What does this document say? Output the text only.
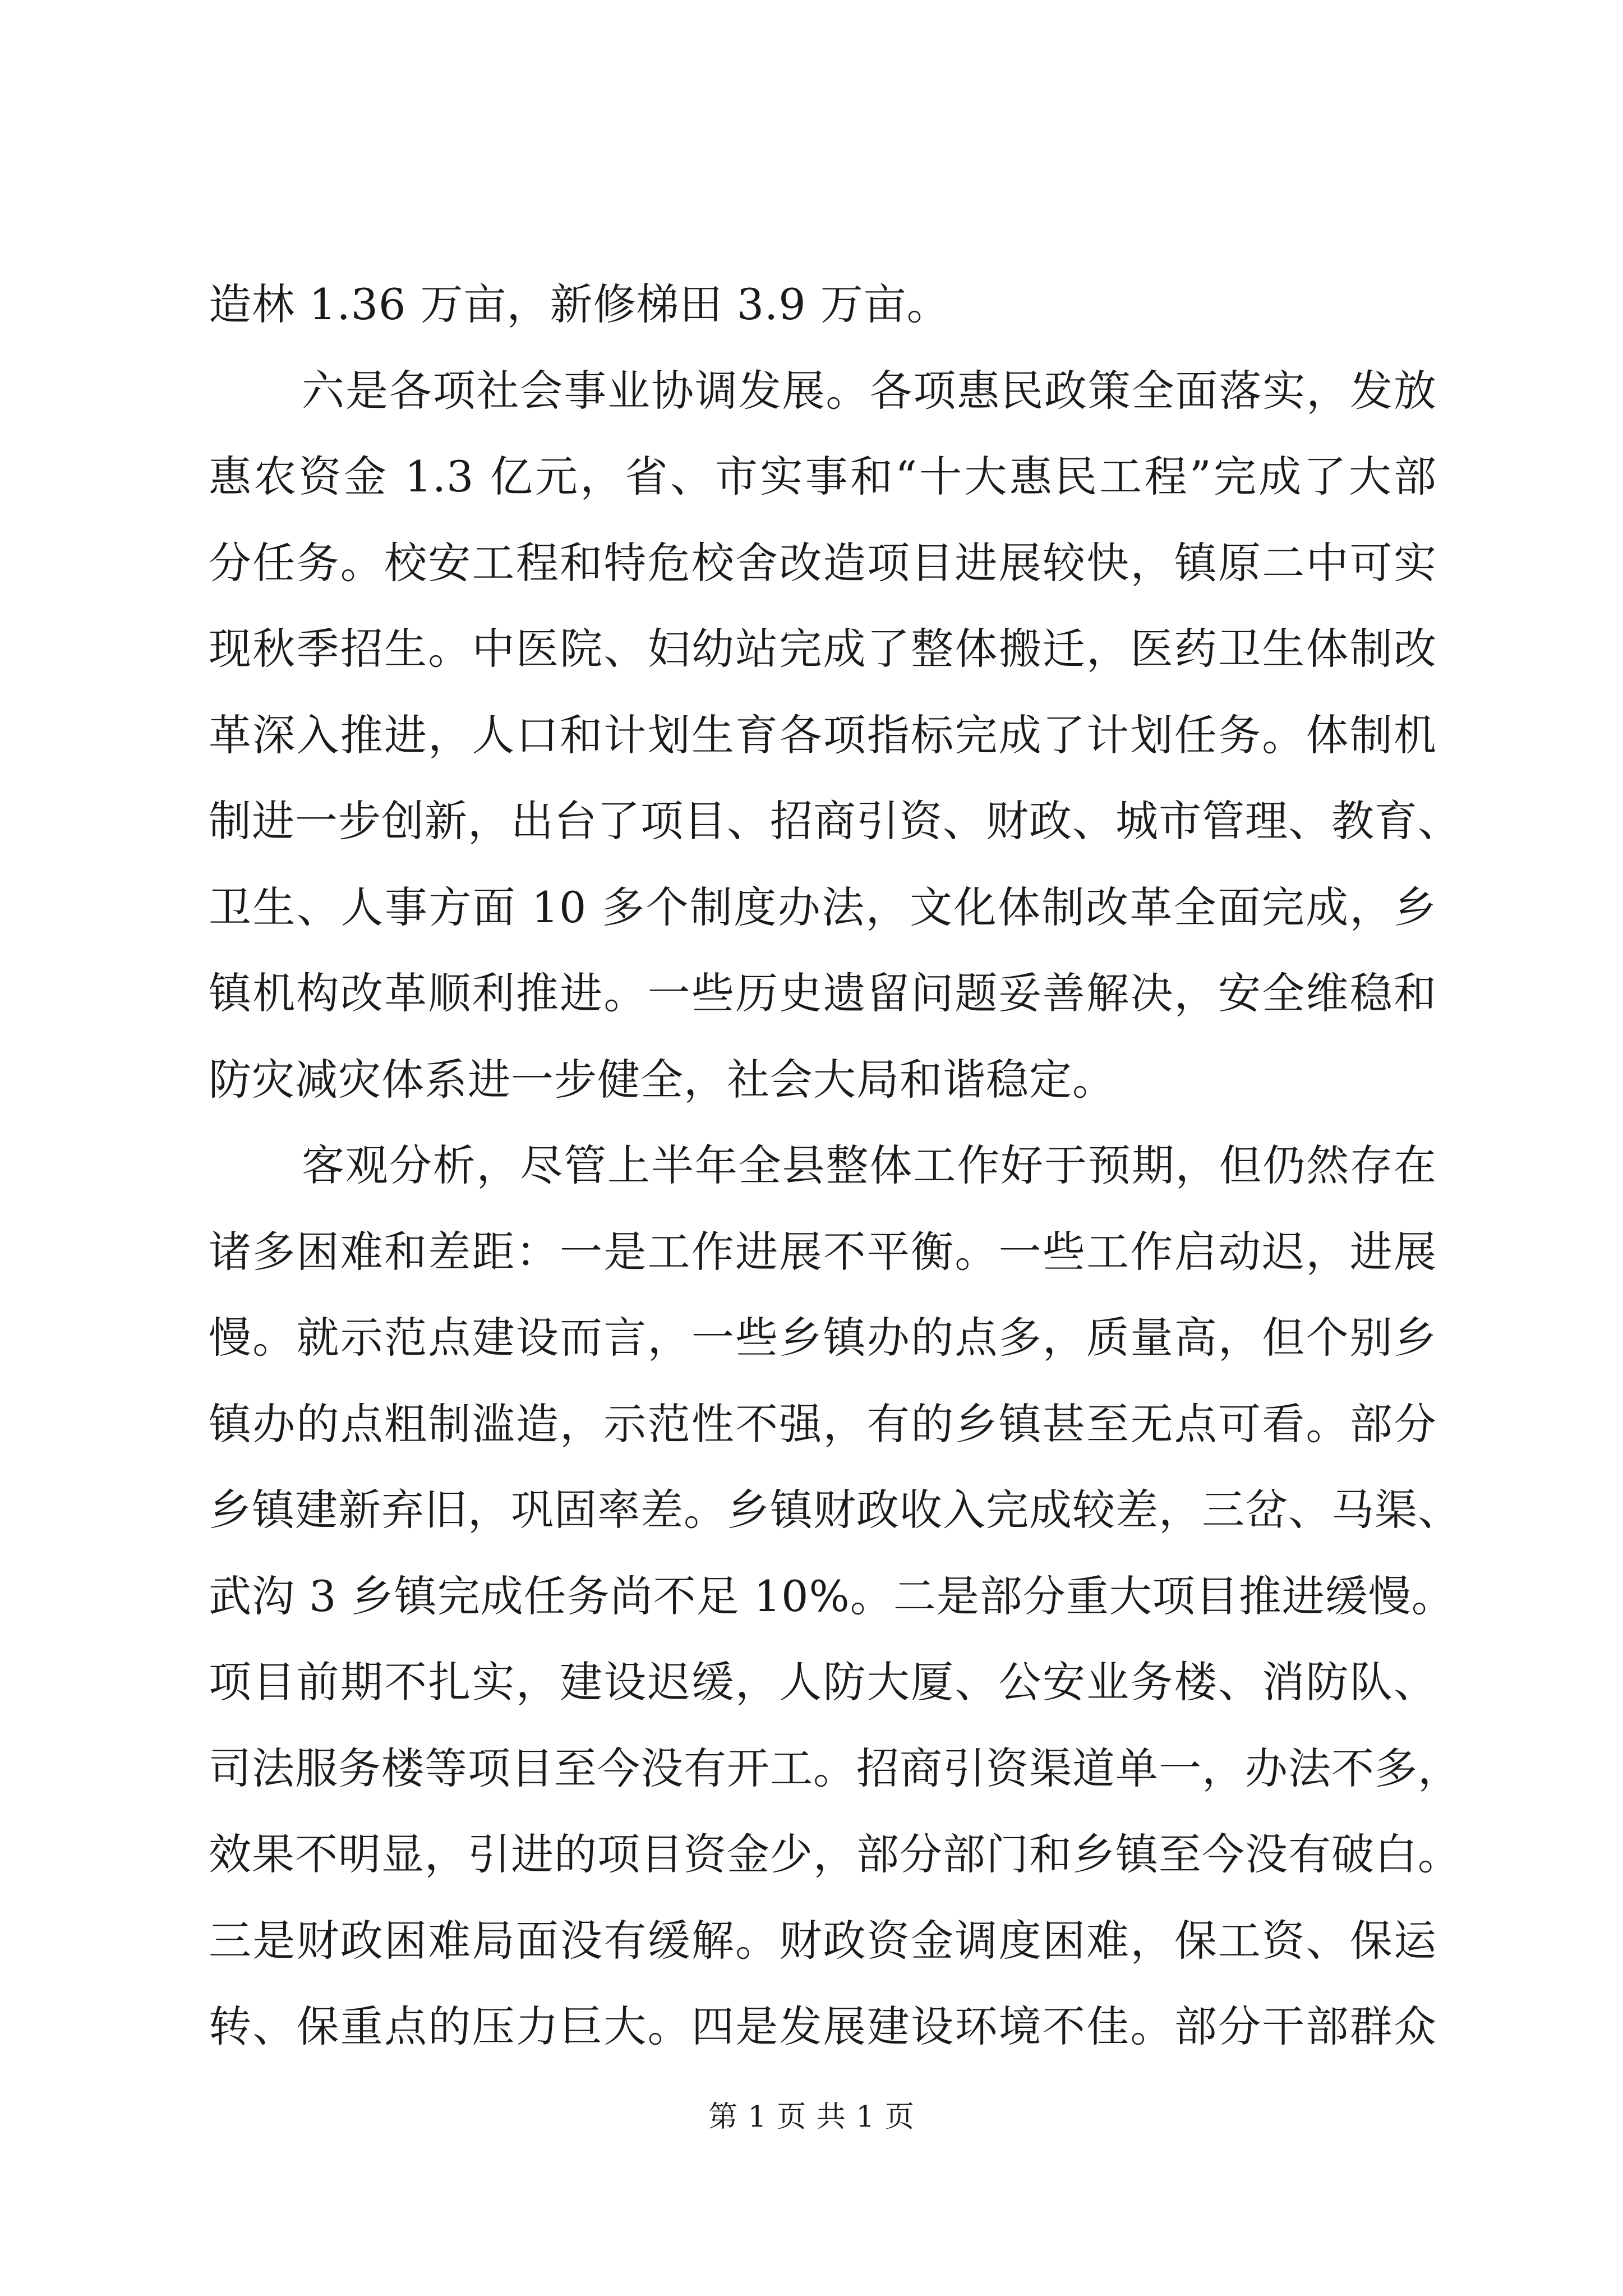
造林 1.36 万亩，新修梯田 3.9 万亩。
六是各项社会事业协调发展。各项惠民政策全面落实，发放
惠农资金 1.3 亿元，省、市实事和“十大惠民工程”完成了大部
分任务。校安工程和特危校舍改造项目进展较快，镇原二中可实
现秋季招生。中医院、妇幼站完成了整体搬迁，医药卫生体制改
革深入推进，人口和计划生育各项指标完成了计划任务。体制机
制进一步创新，出台了项目、招商引资、财政、城市管理、教育、
卫生、人事方面 10 多个制度办法，文化体制改革全面完成，乡
镇机构改革顺利推进。一些历史遗留问题妥善解决，安全维稳和
防灾减灾体系进一步健全，社会大局和谐稳定。
客观分析，尽管上半年全县整体工作好于预期，但仍然存在
诸多困难和差距：一是工作进展不平衡。一些工作启动迟，进展
慢。就示范点建设而言，一些乡镇办的点多，质量高，但个别乡
镇办的点粗制滥造，示范性不强，有的乡镇甚至无点可看。部分
乡镇建新弃旧，巩固率差。乡镇财政收入完成较差，三岔、马渠、
武沟 3 乡镇完成任务尚不足 10%。二是部分重大项目推进缓慢。
项目前期不扎实，建设迟缓，人防大厦、公安业务楼、消防队、
司法服务楼等项目至今没有开工。招商引资渠道单一，办法不多，
效果不明显，引进的项目资金少，部分部门和乡镇至今没有破白。
三是财政困难局面没有缓解。财政资金调度困难，保工资、保运
转、保重点的压力巨大。四是发展建设环境不佳。部分干部群众
第 1 页 共 1 页
